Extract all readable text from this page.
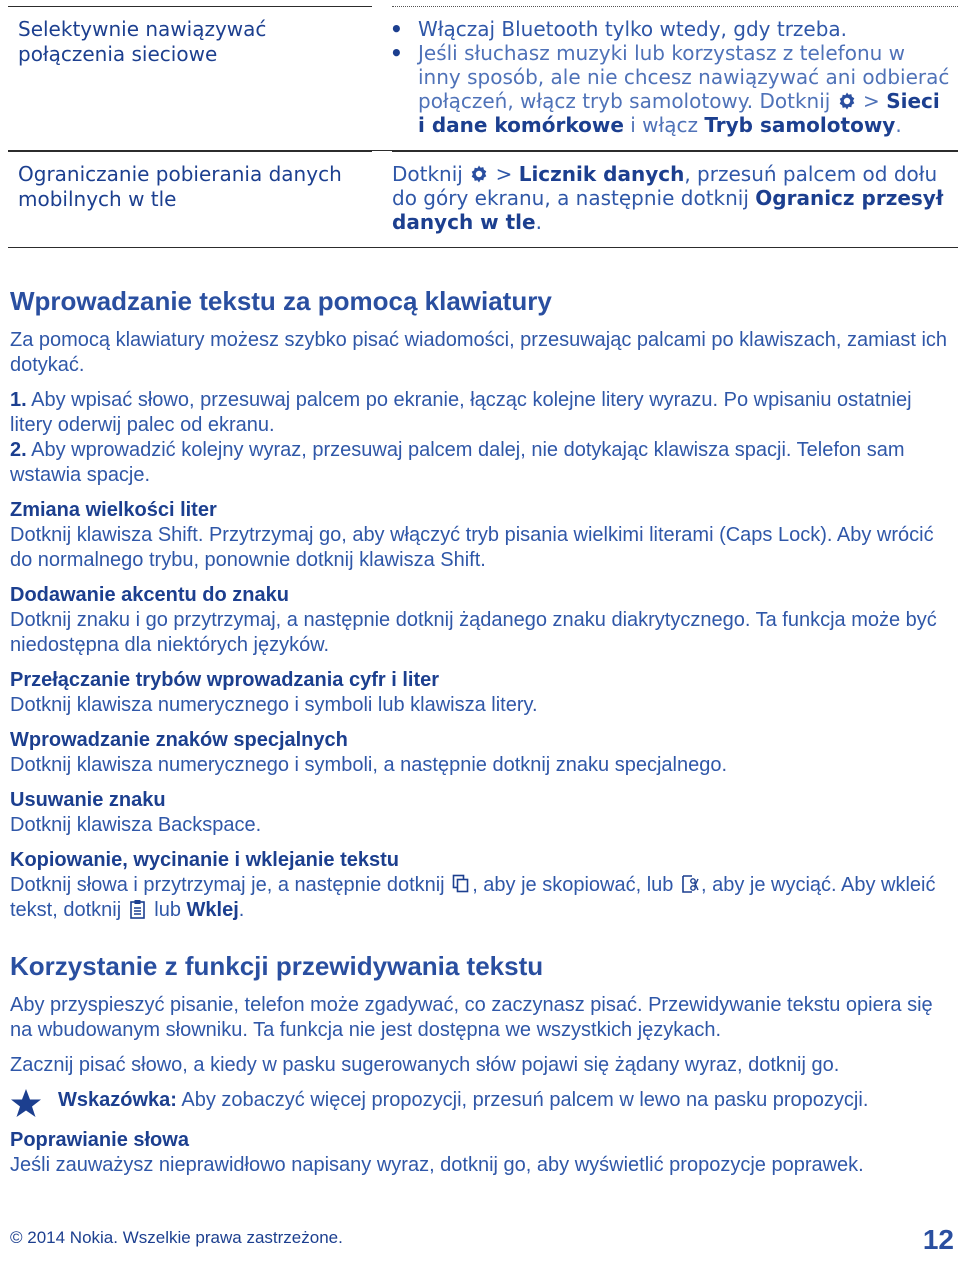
Selektywnie nawiązywać połączenia sieciowe
• Włączaj Bluetooth tylko wtedy, gdy trzeba.
• Jeśli słuchasz muzyki lub korzystasz z telefonu w inny sposób, ale nie chcesz nawiązywać ani odbierać połączeń, włącz tryb samolotowy. Dotknij  > Sieci i dane komórkowe i włącz Tryb samolotowy.
Ograniczanie pobierania danych mobilnych w tle
Dotknij  > Licznik danych, przesuń palcem od dołu do góry ekranu, a następnie dotknij Ogranicz przesył danych w tle.
Wprowadzanie tekstu za pomocą klawiatury

Za pomocą klawiatury możesz szybko pisać wiadomości, przesuwając palcami po klawiszach, zamiast ich dotykać.

1. Aby wpisać słowo, przesuwaj palcem po ekranie, łącząc kolejne litery wyrazu. Po wpisaniu ostatniej litery oderwij palec od ekranu.

2. Aby wprowadzić kolejny wyraz, przesuwaj palcem dalej, nie dotykając klawisza spacji. Telefon sam wstawia spacje.

Zmiana wielkości liter

Dotknij klawisza Shift. Przytrzymaj go, aby włączyć tryb pisania wielkimi literami (Caps Lock). Aby wrócić do normalnego trybu, ponownie dotknij klawisza Shift.

Dodawanie akcentu do znaku

Dotknij znaku i go przytrzymaj, a następnie dotknij żądanego znaku diakrytycznego. Ta funkcja może być niedostępna dla niektórych języków.

Przełączanie trybów wprowadzania cyfr i liter

Dotknij klawisza numerycznego i symboli lub klawisza litery.

Wprowadzanie znaków specjalnych

Dotknij klawisza numerycznego i symboli, a następnie dotknij znaku specjalnego.

Usuwanie znaku

Dotknij klawisza Backspace.

Kopiowanie, wycinanie i wklejanie tekstu

Dotknij słowa i przytrzymaj je, a następnie dotknij , aby je skopiować, lub , aby je wyciąć. Aby wkleić tekst, dotknij  lub Wklej.

Korzystanie z funkcji przewidywania tekstu

Aby przyspieszyć pisanie, telefon może zgadywać, co zaczynasz pisać. Przewidywanie tekstu opiera się na wbudowanym słowniku. Ta funkcja nie jest dostępna we wszystkich językach.

Zacznij pisać słowo, a kiedy w pasku sugerowanych słów pojawi się żądany wyraz, dotknij go.

Wskazówka: Aby zobaczyć więcej propozycji, przesuń palcem w lewo na pasku propozycji.

Poprawianie słowa

Jeśli zauważysz nieprawidłowo napisany wyraz, dotknij go, aby wyświetlić propozycje poprawek.

© 2014 Nokia. Wszelkie prawa zastrzeżone.	12
